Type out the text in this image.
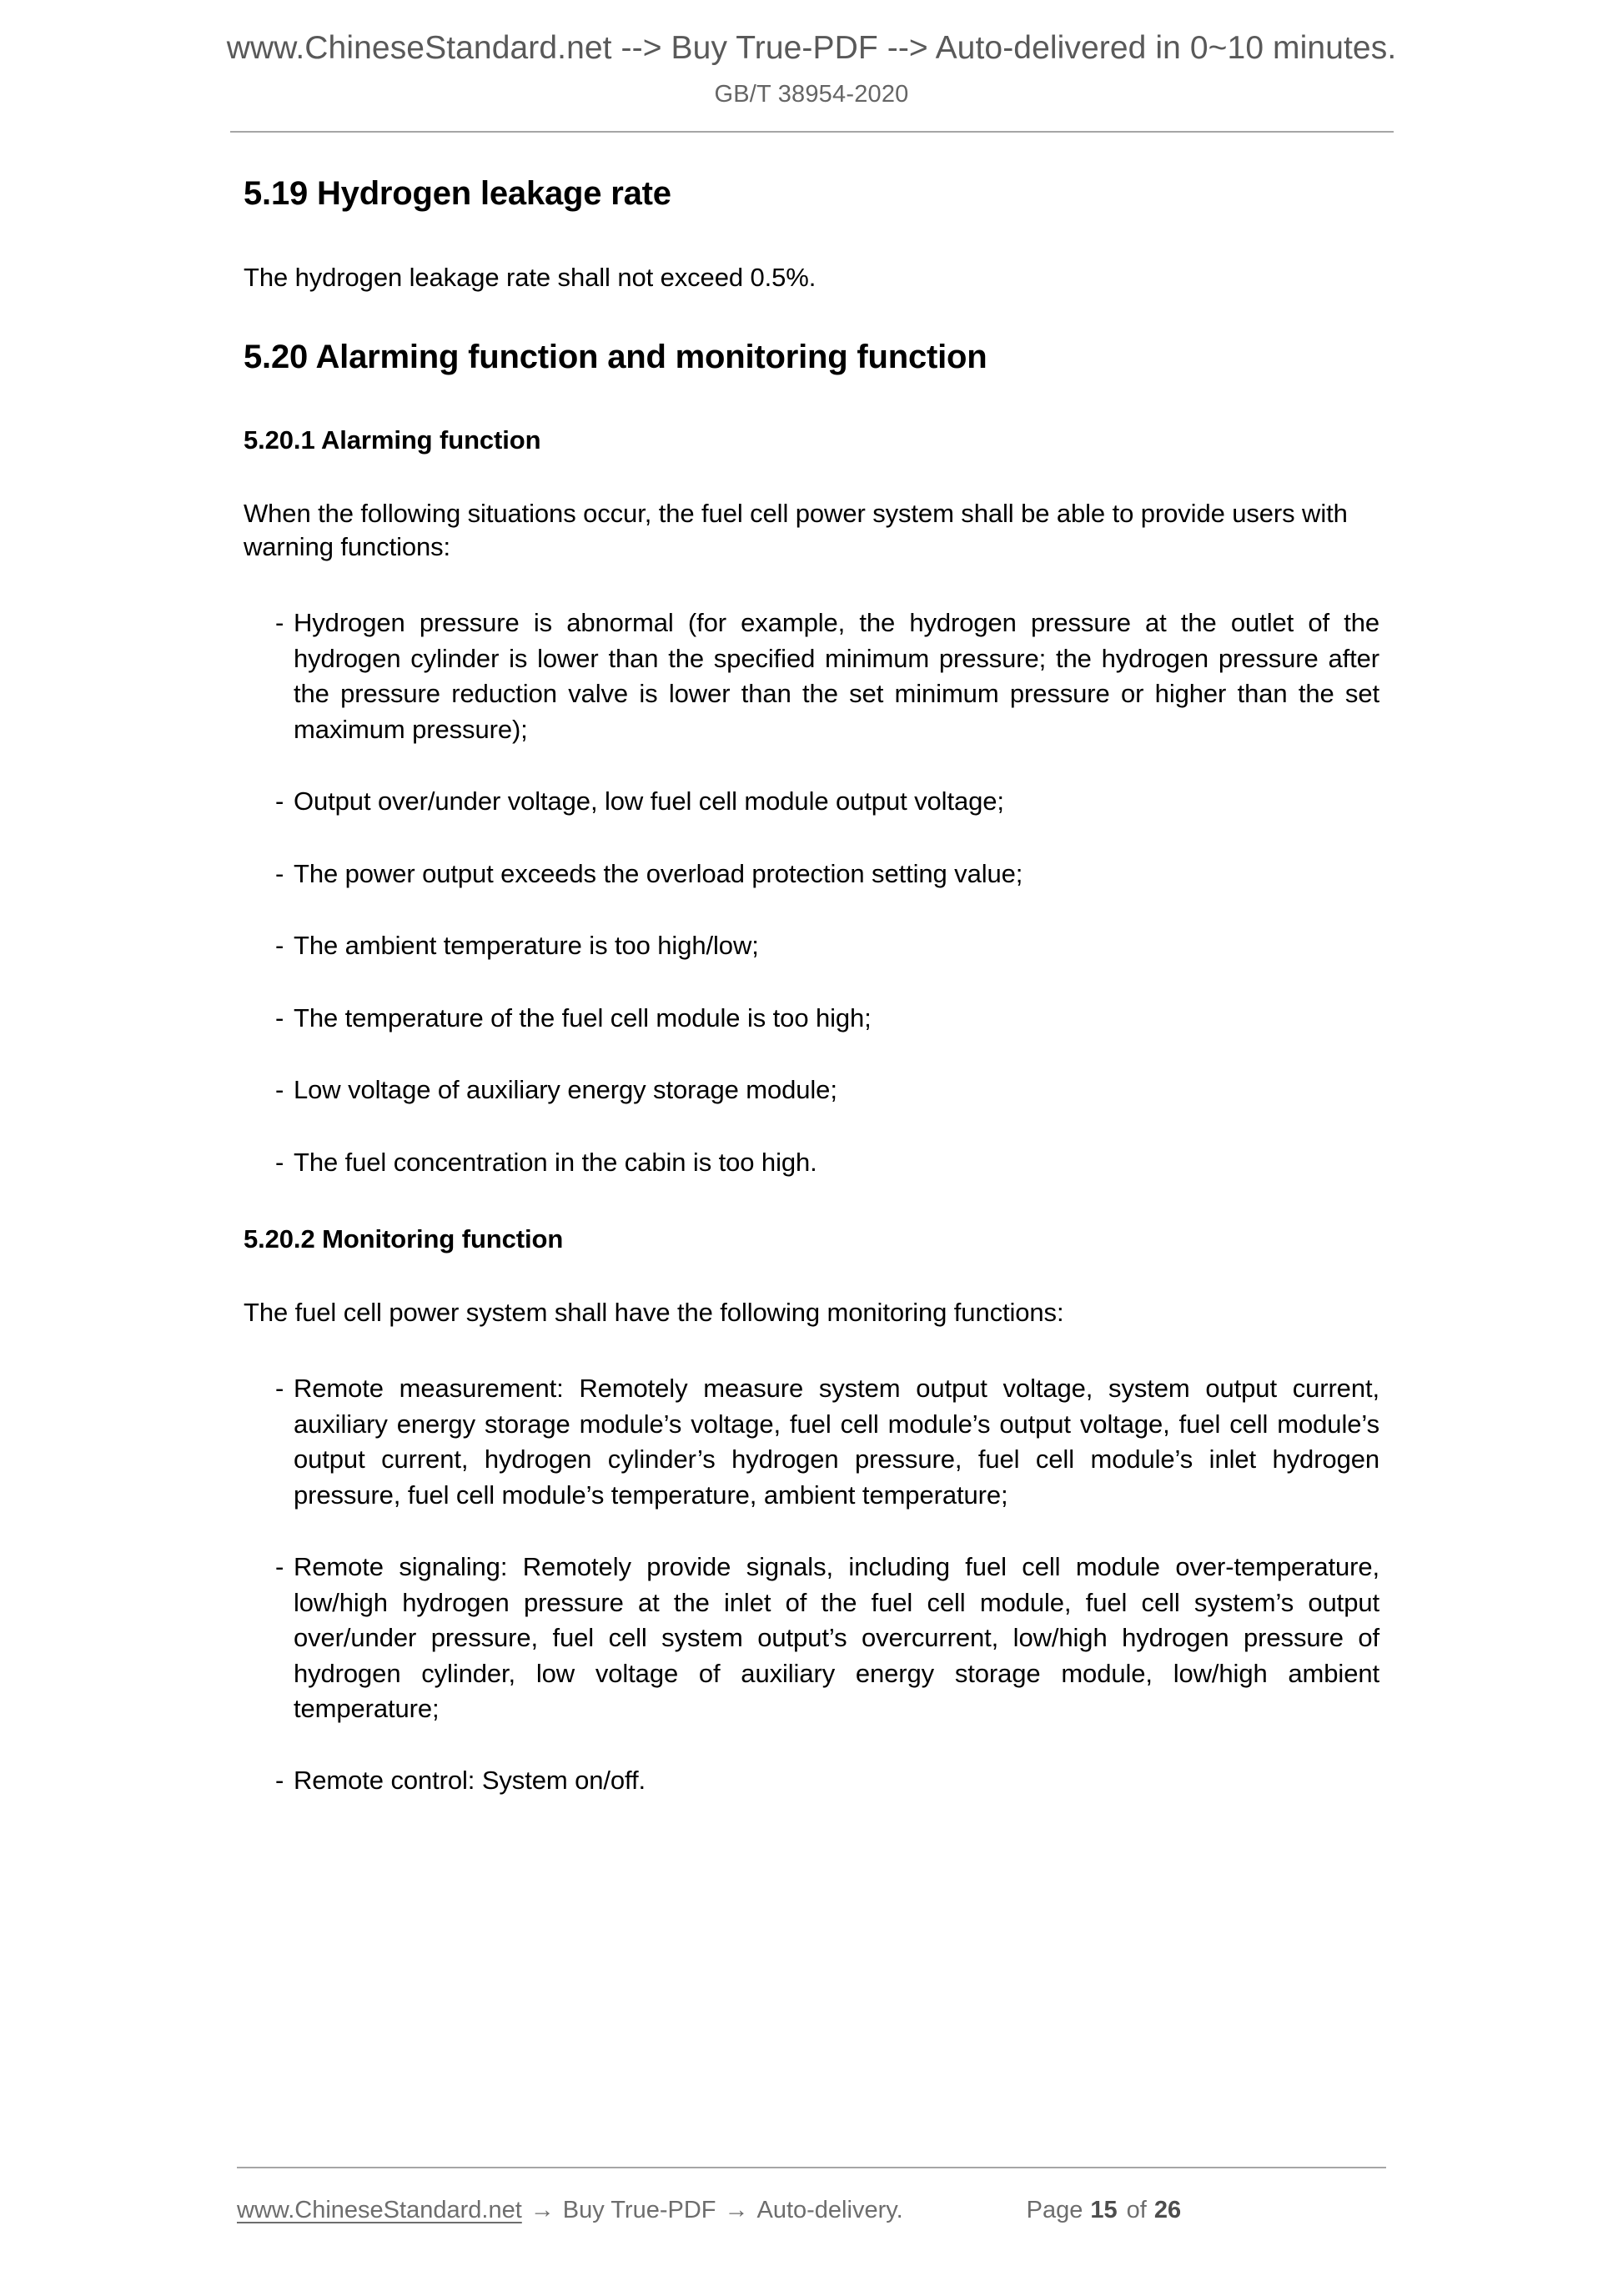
www.ChineseStandard.net --> Buy True-PDF --> Auto-delivered in 0~10 minutes.
GB/T 38954-2020
5.19 Hydrogen leakage rate

The hydrogen leakage rate shall not exceed 0.5%.

5.20 Alarming function and monitoring function
5.20.1 Alarming function

When the following situations occur, the fuel cell power system shall be able to provide users with warning functions:

- Hydrogen pressure is abnormal (for example, the hydrogen pressure at the outlet of the hydrogen cylinder is lower than the specified minimum pressure; the hydrogen pressure after the pressure reduction valve is lower than the set minimum pressure or higher than the set maximum pressure);
- Output over/under voltage, low fuel cell module output voltage;
- The power output exceeds the overload protection setting value;
- The ambient temperature is too high/low;
- The temperature of the fuel cell module is too high;
- Low voltage of auxiliary energy storage module;
- The fuel concentration in the cabin is too high.
5.20.2 Monitoring function

The fuel cell power system shall have the following monitoring functions:

- Remote measurement: Remotely measure system output voltage, system output current, auxiliary energy storage module’s voltage, fuel cell module’s output voltage, fuel cell module’s output current, hydrogen cylinder’s hydrogen pressure, fuel cell module’s inlet hydrogen pressure, fuel cell module’s temperature, ambient temperature;
- Remote signaling: Remotely provide signals, including fuel cell module over-temperature, low/high hydrogen pressure at the inlet of the fuel cell module, fuel cell system’s output over/under pressure, fuel cell system output’s overcurrent, low/high hydrogen pressure of hydrogen cylinder, low voltage of auxiliary energy storage module, low/high ambient temperature;
- Remote control: System on/off.
www.ChineseStandard.net → Buy True-PDF → Auto-delivery.	Page 15 of 26
